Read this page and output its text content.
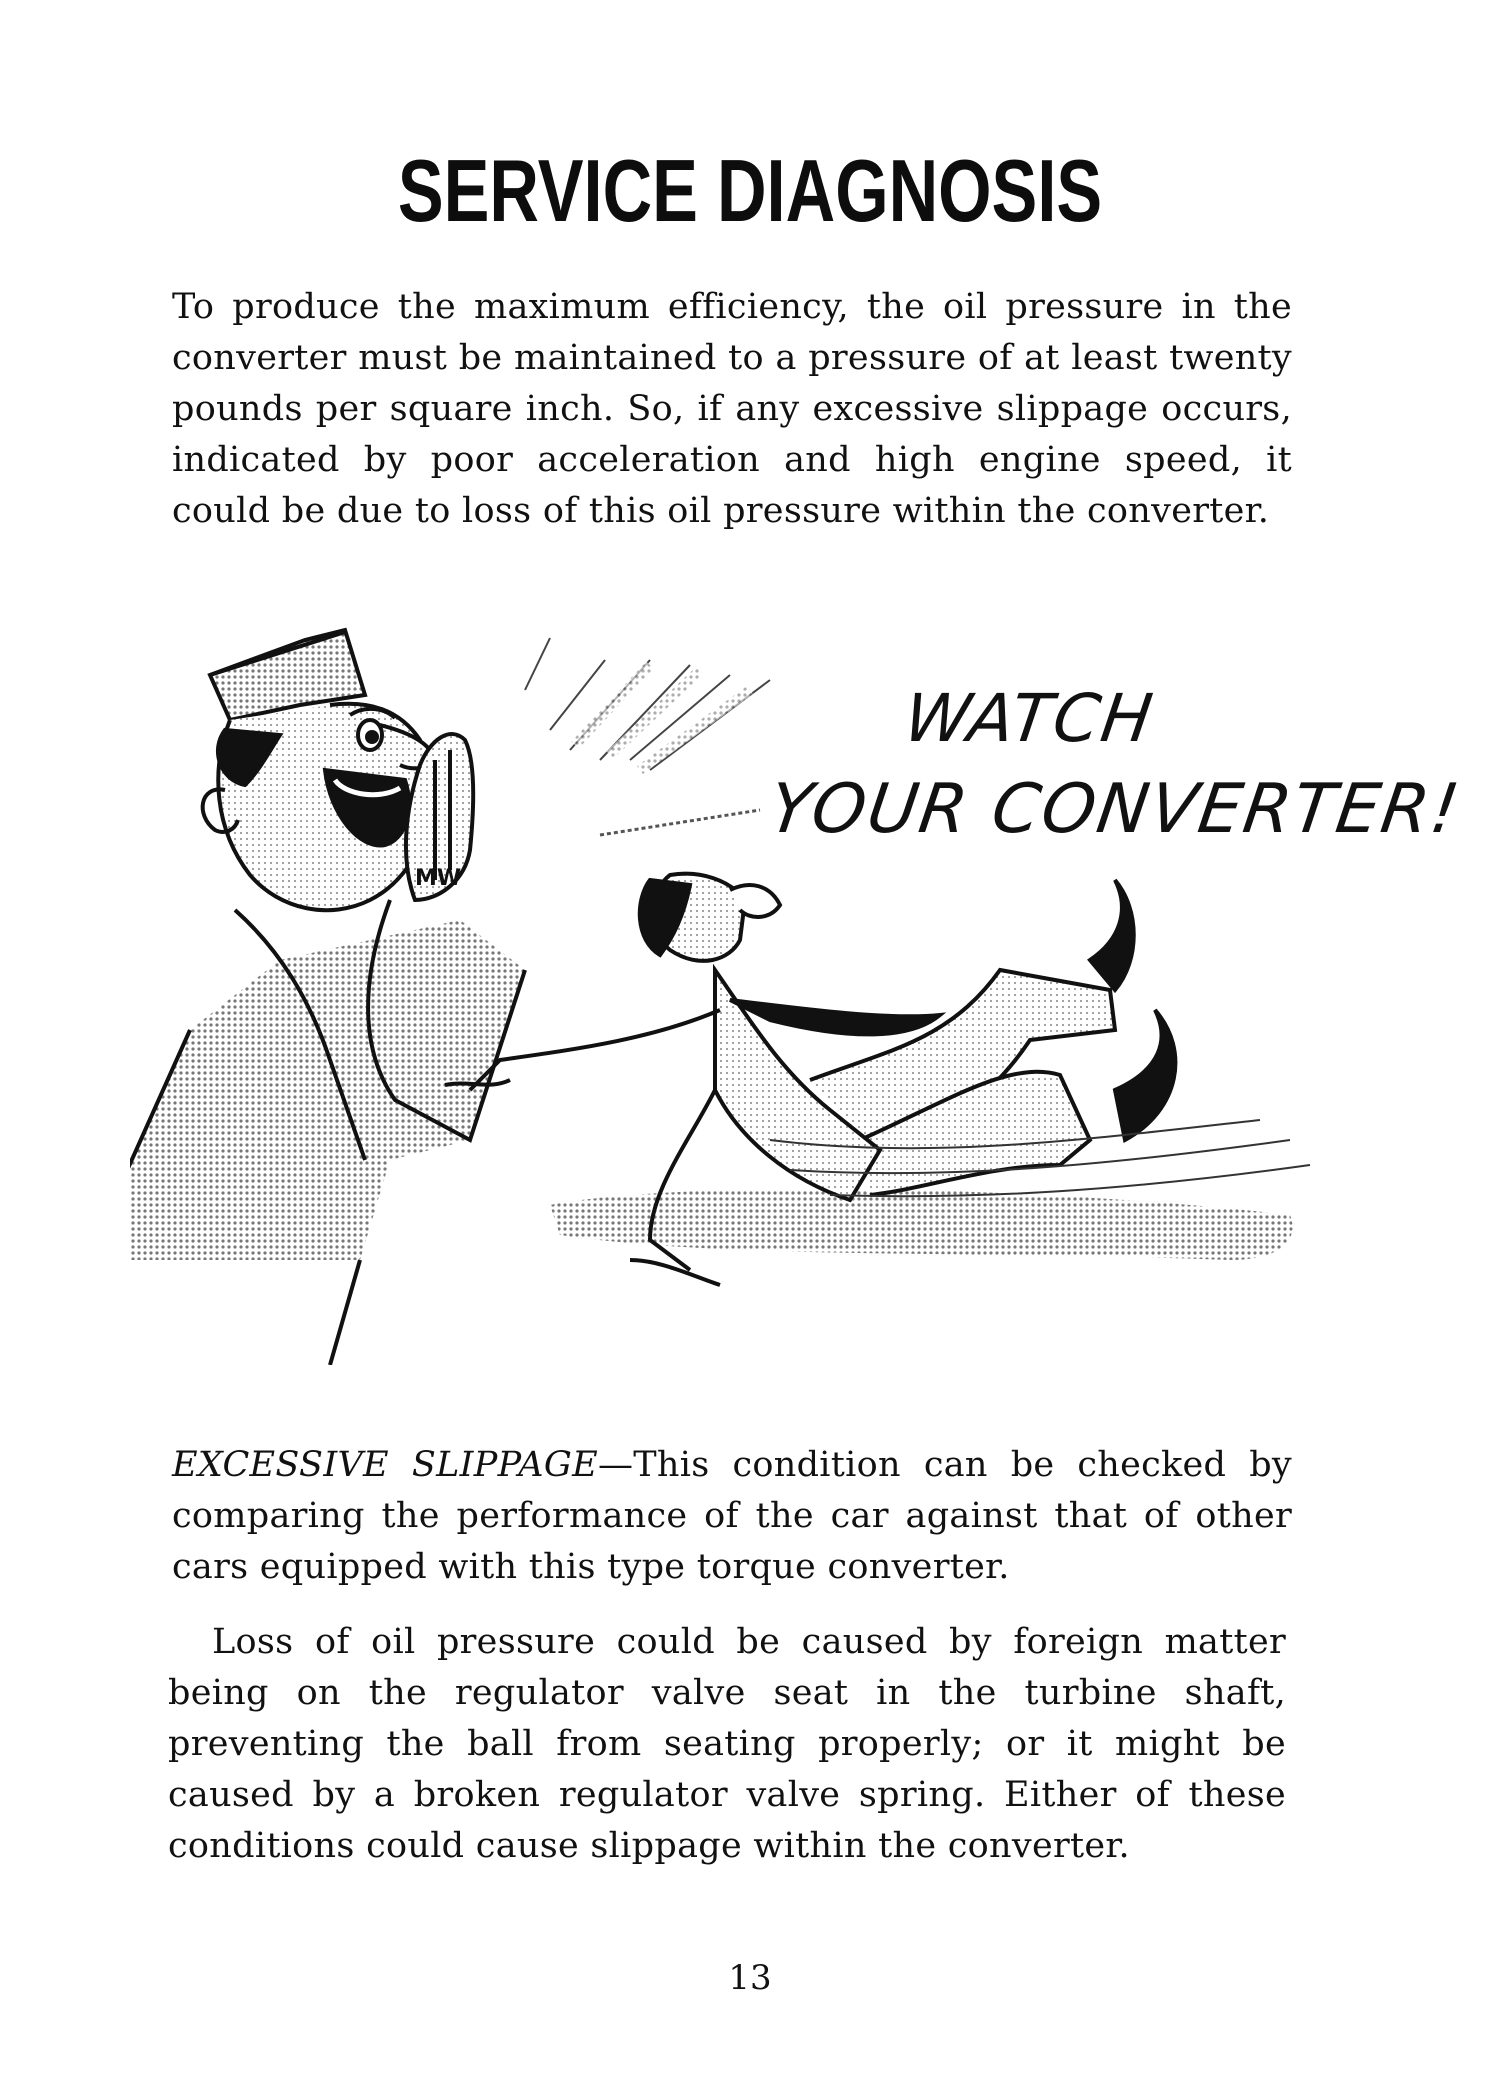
SERVICE DIAGNOSIS
To produce the maximum efficiency, the oil pressure in the converter must be maintained to a pressure of at least twenty pounds per square inch. So, if any excessive slippage occurs, indicated by poor acceleration and high engine speed, it could be due to loss of this oil pressure within the converter.
MW
WATCH
YOUR CONVERTER!
EXCESSIVE SLIPPAGE—This condition can be checked by comparing the performance of the car against that of other cars equipped with this type torque converter.
Loss of oil pressure could be caused by foreign matter being on the regulator valve seat in the turbine shaft, preventing the ball from seating properly; or it might be caused by a broken regulator valve spring. Either of these conditions could cause slippage within the converter.
13
